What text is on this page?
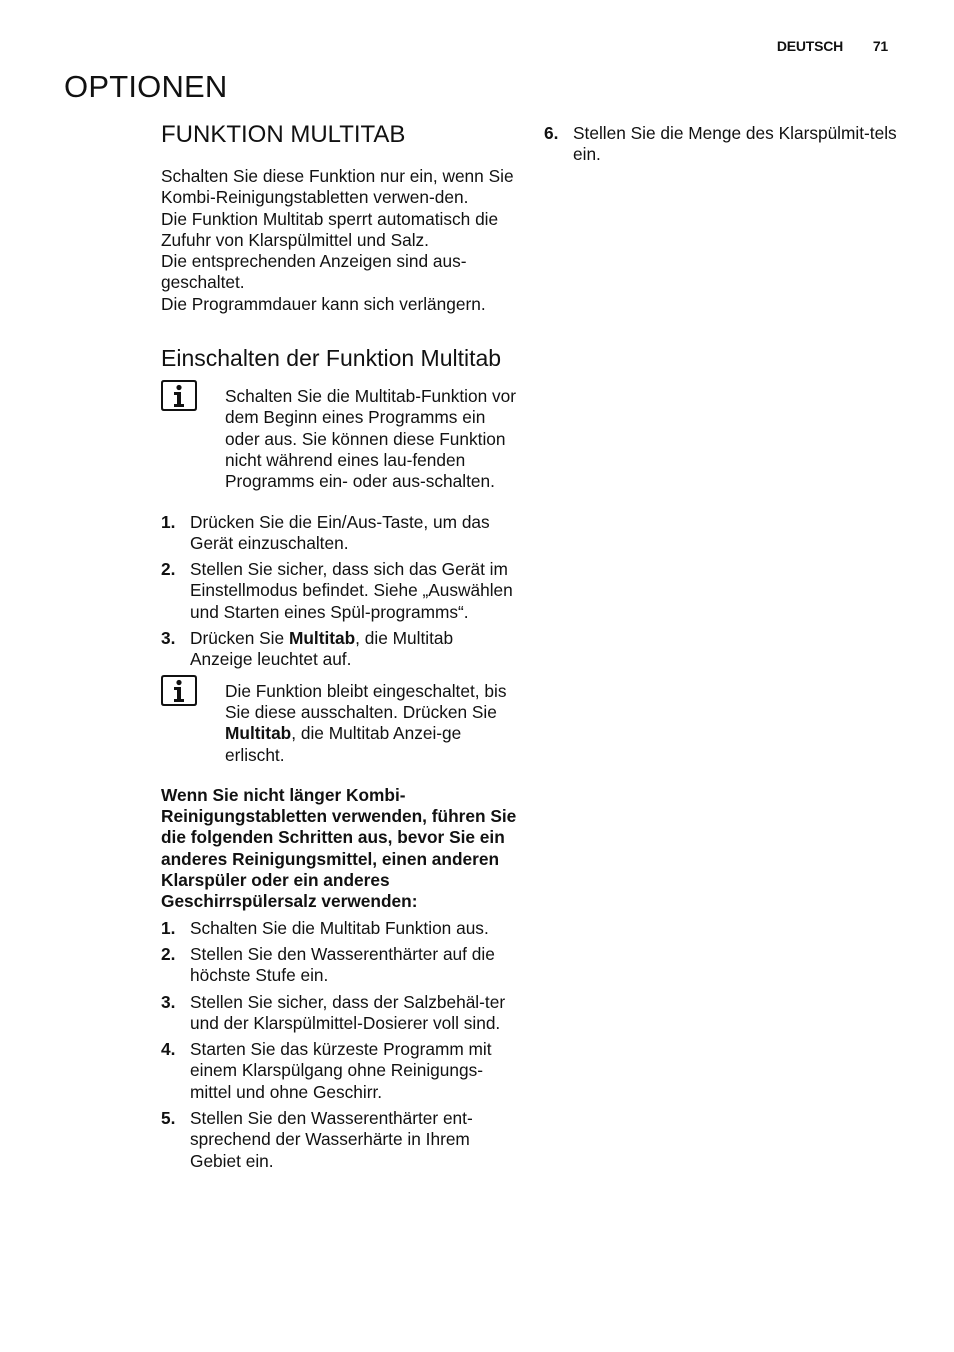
DEUTSCH 71
OPTIONEN
FUNKTION MULTITAB

Schalten Sie diese Funktion nur ein, wenn Sie Kombi-Reinigungstabletten verwen-den.

Die Funktion Multitab sperrt automatisch die Zufuhr von Klarspülmittel und Salz.

Die entsprechenden Anzeigen sind aus-geschaltet.

Die Programmdauer kann sich verlängern.

Einschalten der Funktion Multitab

Schalten Sie die Multitab-Funktion vor dem Beginn eines Programms ein oder aus. Sie können diese Funktion nicht während eines lau-fenden Programms ein- oder aus-schalten.

1. Drücken Sie die Ein/Aus-Taste, um das Gerät einzuschalten.
2. Stellen Sie sicher, dass sich das Gerät im Einstellmodus befindet. Siehe „Auswählen und Starten eines Spül-programms“.
3. Drücken Sie Multitab, die Multitab Anzeige leuchtet auf.

Die Funktion bleibt eingeschaltet, bis Sie diese ausschalten. Drücken Sie Multitab, die Multitab Anzei-ge erlischt.

Wenn Sie nicht länger Kombi-Reinigungstabletten verwenden, führen Sie die folgenden Schritten aus, bevor Sie ein anderes Reinigungsmittel, einen anderen Klarspüler oder ein anderes Geschirrspülersalz verwenden:

1. Schalten Sie die Multitab Funktion aus.
2. Stellen Sie den Wasserenthärter auf die höchste Stufe ein.
3. Stellen Sie sicher, dass der Salzbehäl-ter und der Klarspülmittel-Dosierer voll sind.
4. Starten Sie das kürzeste Programm mit einem Klarspülgang ohne Reinigungs-mittel und ohne Geschirr.
5. Stellen Sie den Wasserenthärter ent-sprechend der Wasserhärte in Ihrem Gebiet ein.
6. Stellen Sie die Menge des Klarspülmit-tels ein.
